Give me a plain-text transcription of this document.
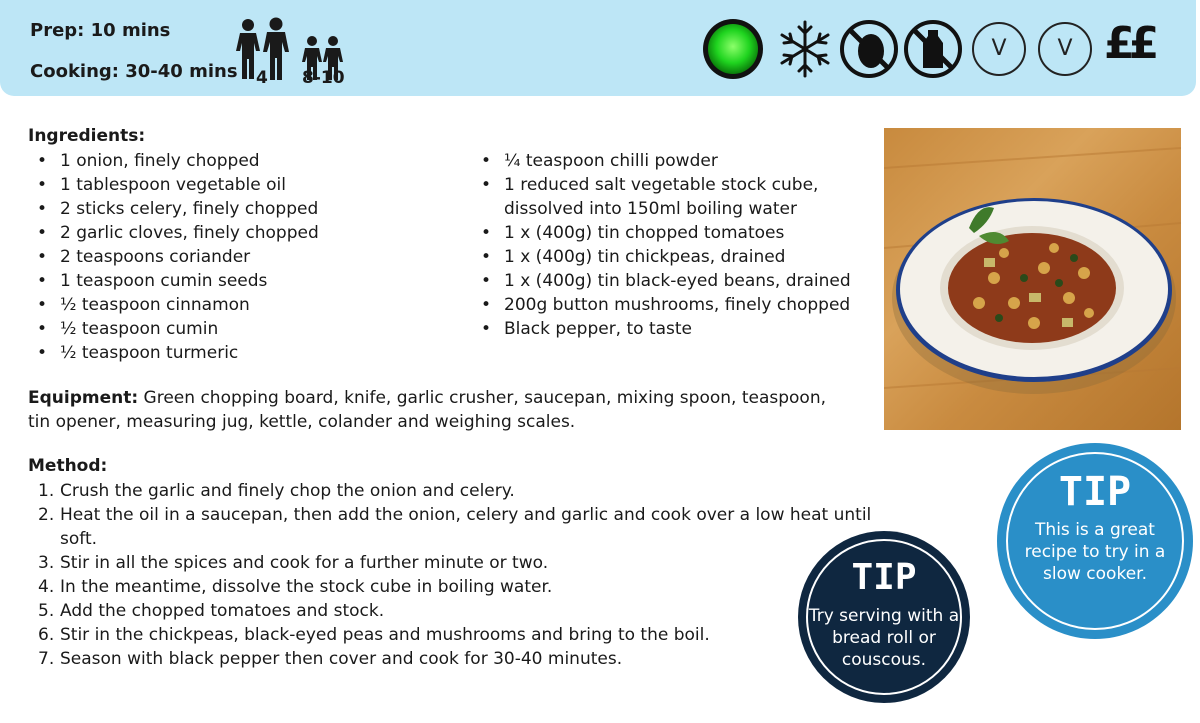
Prep: 10 mins
Cooking: 30-40 mins 4 8-10
V	V ££
Ingredients:
• 1 onion, finely chopped
• 1 tablespoon vegetable oil
• 2 sticks celery, finely chopped
• 2 garlic cloves, finely chopped
• 2 teaspoons coriander
• 1 teaspoon cumin seeds
• ½ teaspoon cinnamon
• ½ teaspoon cumin
• ½ teaspoon turmeric
• ¼ teaspoon chilli powder
• 1 reduced salt vegetable stock cube, dissolved into 150ml boiling water
• 1 x (400g) tin chopped tomatoes
• 1 x (400g) tin chickpeas, drained
• 1 x (400g) tin black-eyed beans, drained
• 200g button mushrooms, finely chopped
• Black pepper, to taste
Equipment: Green chopping board, knife, garlic crusher, saucepan, mixing spoon, teaspoon, tin opener, measuring jug, kettle, colander and weighing scales.
Method:
1. Crush the garlic and finely chop the onion and celery.
2. Heat the oil in a saucepan, then add the onion, celery and garlic and cook over a low heat until soft.
3. Stir in all the spices and cook for a further minute or two.
4. In the meantime, dissolve the stock cube in boiling water.
5. Add the chopped tomatoes and stock.
6. Stir in the chickpeas, black-eyed peas and mushrooms and bring to the boil.
7. Season with black pepper then cover and cook for 30-40 minutes.
TIP
Try serving with a bread roll or couscous.
TIP
This is a great recipe to try in a slow cooker.
